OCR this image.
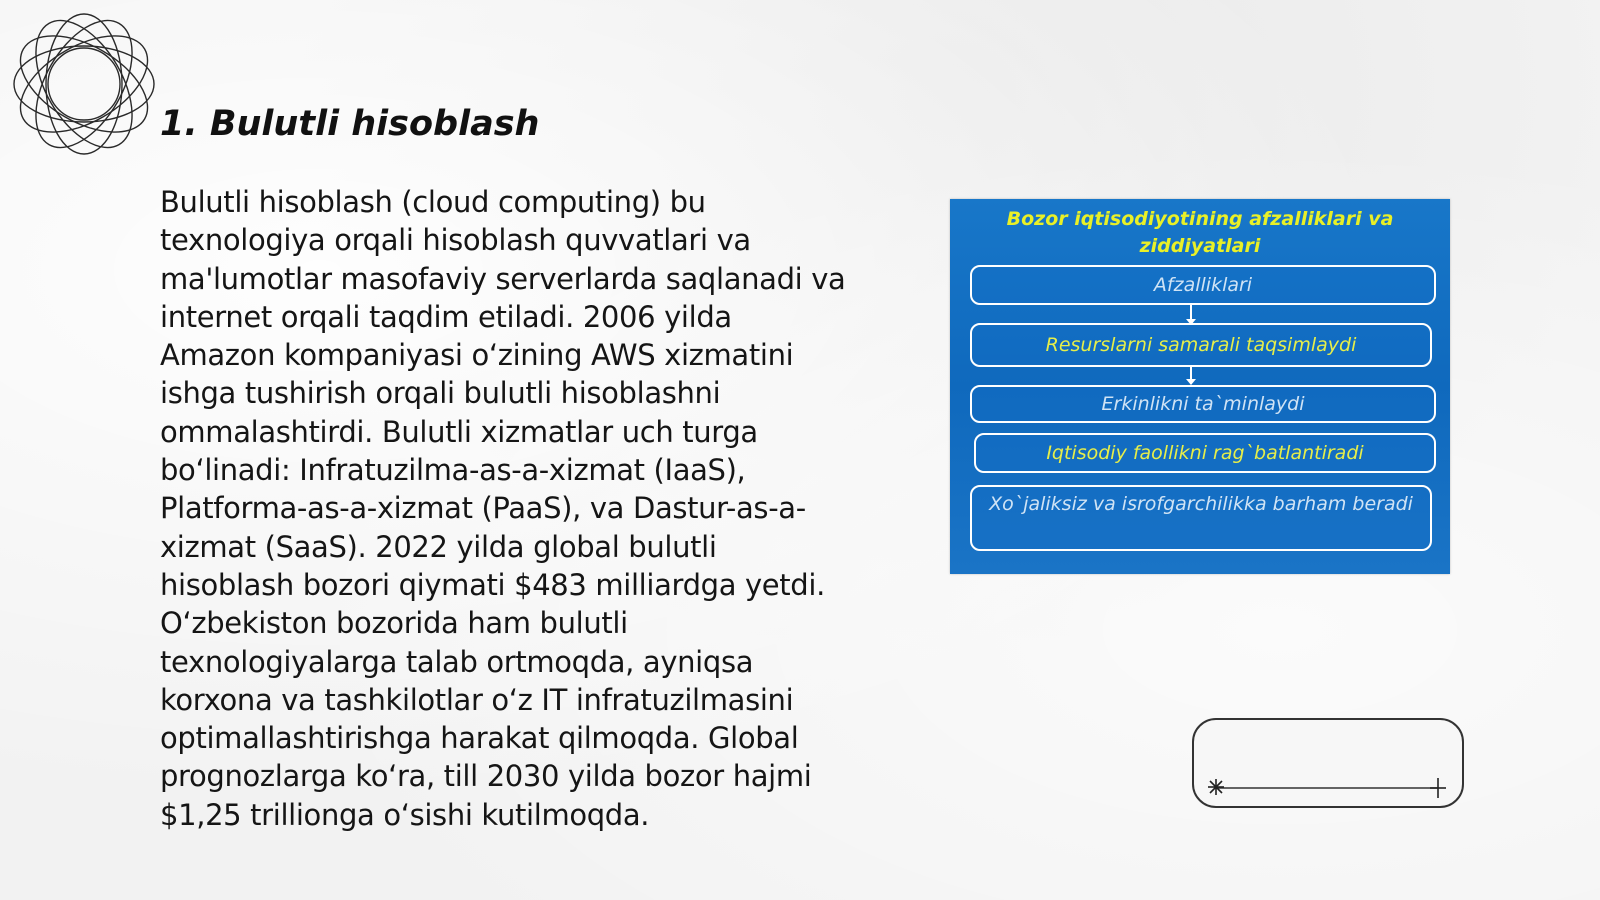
1. Bulutli hisoblash

Bulutli hisoblash (cloud computing) bu texnologiya orqali hisoblash quvvatlari va ma'lumotlar masofaviy serverlarda saqlanadi va internet orqali taqdim etiladi. 2006 yilda Amazon kompaniyasi o‘zining AWS xizmatini ishga tushirish orqali bulutli hisoblashni ommalashtirdi. Bulutli xizmatlar uch turga bo‘linadi: Infratuzilma-as-a-xizmat (IaaS), Platforma-as-a-xizmat (PaaS), va Dastur-as-a-xizmat (SaaS). 2022 yilda global bulutli hisoblash bozori qiymati $483 milliardga yetdi. O‘zbekiston bozorida ham bulutli texnologiyalarga talab ortmoqda, ayniqsa korxona va tashkilotlar o‘z IT infratuzilmasini optimallashtirishga harakat qilmoqda. Global prognozlarga ko‘ra, till 2030 yilda bozor hajmi $1,25 trillionga o‘sishi kutilmoqda.

Bozor iqtisodiyotining afzalliklari va ziddiyatlari
Afzalliklari
Resurslarni samarali taqsimlaydi
Erkinlikni ta`minlaydi
Iqtisodiy faollikni rag`batlantiradi
Xo`jaliksiz va isrofgarchilikka barham beradi
